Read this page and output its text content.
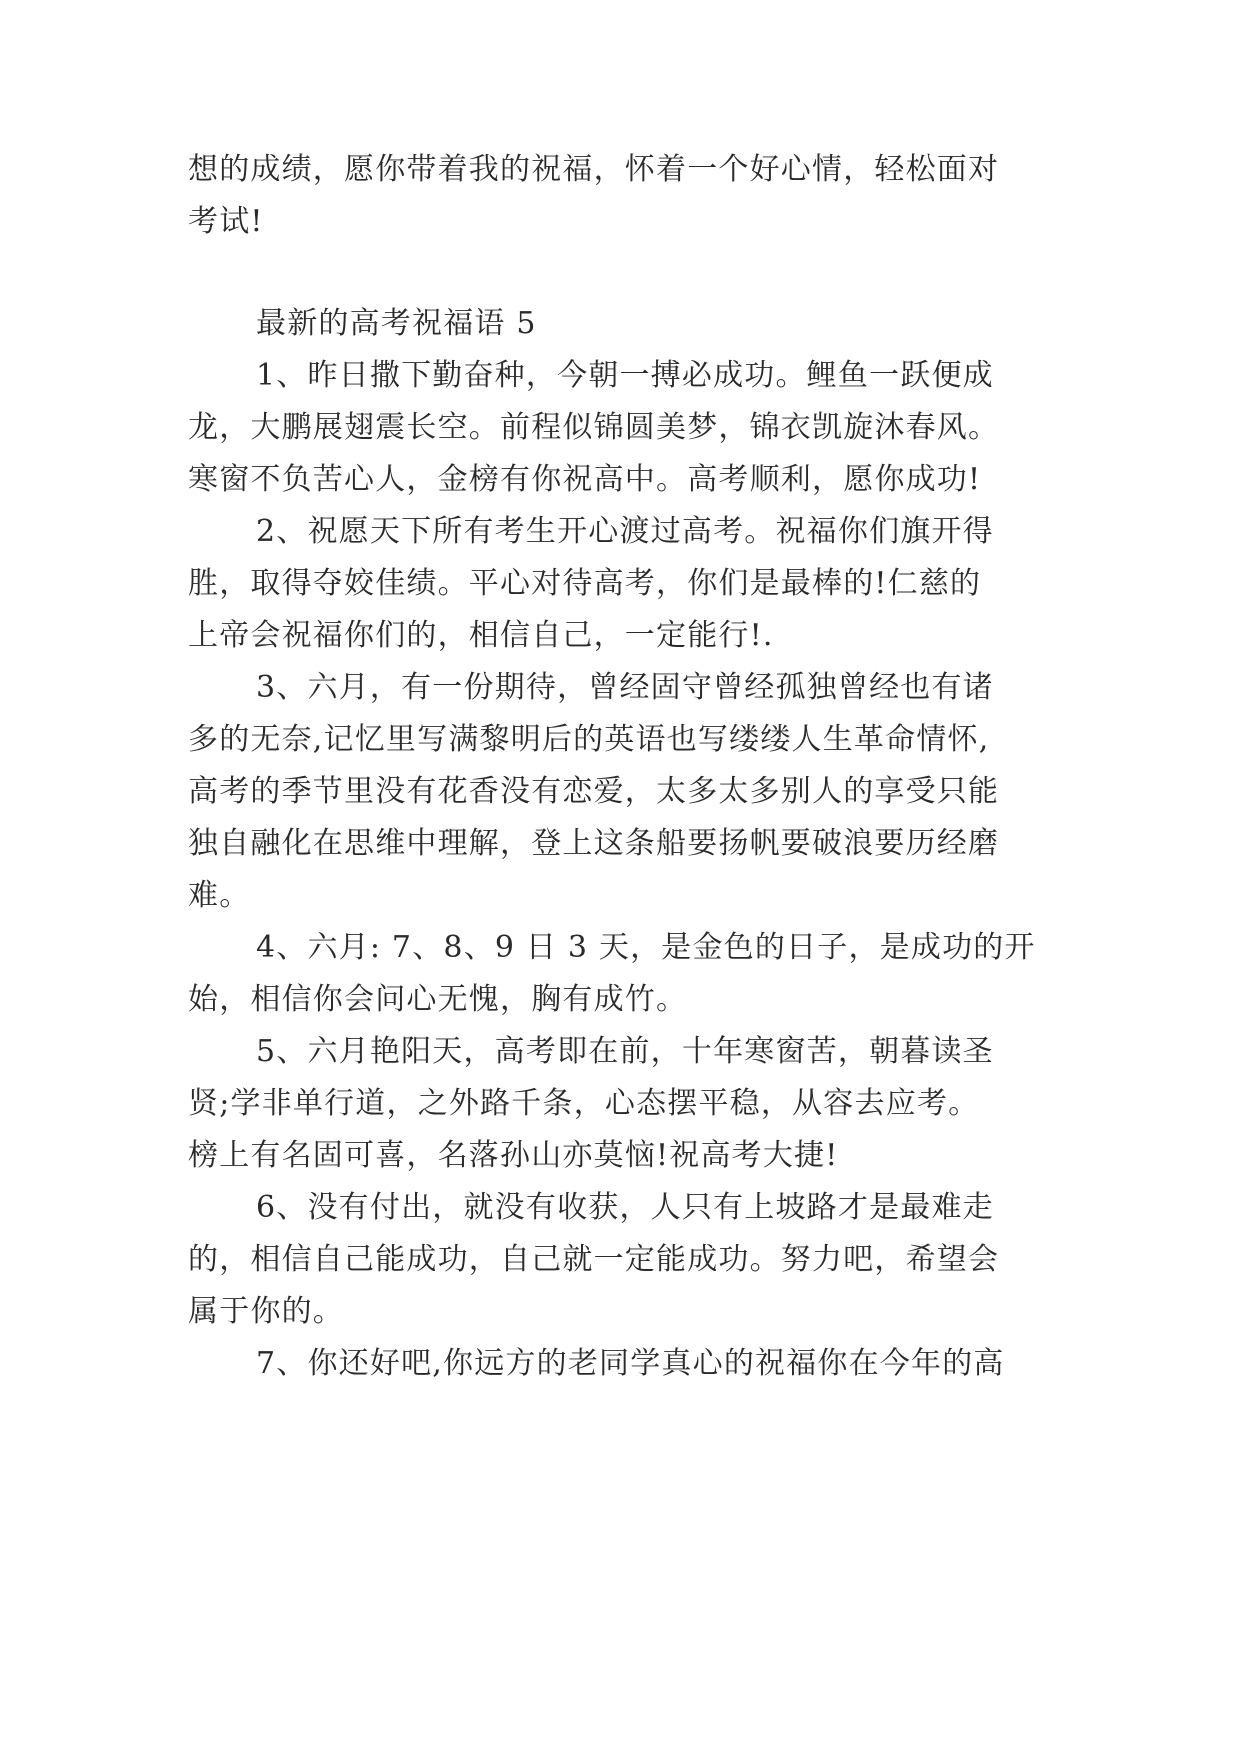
想的成绩，愿你带着我的祝福，怀着一个好心情，轻松面对
考试!
最新的高考祝福语 5
1、昨日撒下勤奋种，今朝一搏必成功。鲤鱼一跃便成
龙，大鹏展翅震长空。前程似锦圆美梦，锦衣凯旋沐春风。
寒窗不负苦心人，金榜有你祝高中。高考顺利，愿你成功!
2、祝愿天下所有考生开心渡过高考。祝福你们旗开得
胜，取得夺姣佳绩。平心对待高考，你们是最棒的!仁慈的
上帝会祝福你们的，相信自己，一定能行!.
3、六月，有一份期待，曾经固守曾经孤独曾经也有诸
多的无奈,记忆里写满黎明后的英语也写缕缕人生革命情怀,
高考的季节里没有花香没有恋爱，太多太多别人的享受只能
独自融化在思维中理解，登上这条船要扬帆要破浪要历经磨
难。
4、六月: 7、8、9 日 3 天，是金色的日子，是成功的开
始，相信你会问心无愧，胸有成竹。
5、六月艳阳天，高考即在前，十年寒窗苦，朝暮读圣
贤;学非单行道，之外路千条，心态摆平稳，从容去应考。
榜上有名固可喜，名落孙山亦莫恼!祝高考大捷!
6、没有付出，就没有收获，人只有上坡路才是最难走
的，相信自己能成功，自己就一定能成功。努力吧，希望会
属于你的。
7、你还好吧,你远方的老同学真心的祝福你在今年的高
